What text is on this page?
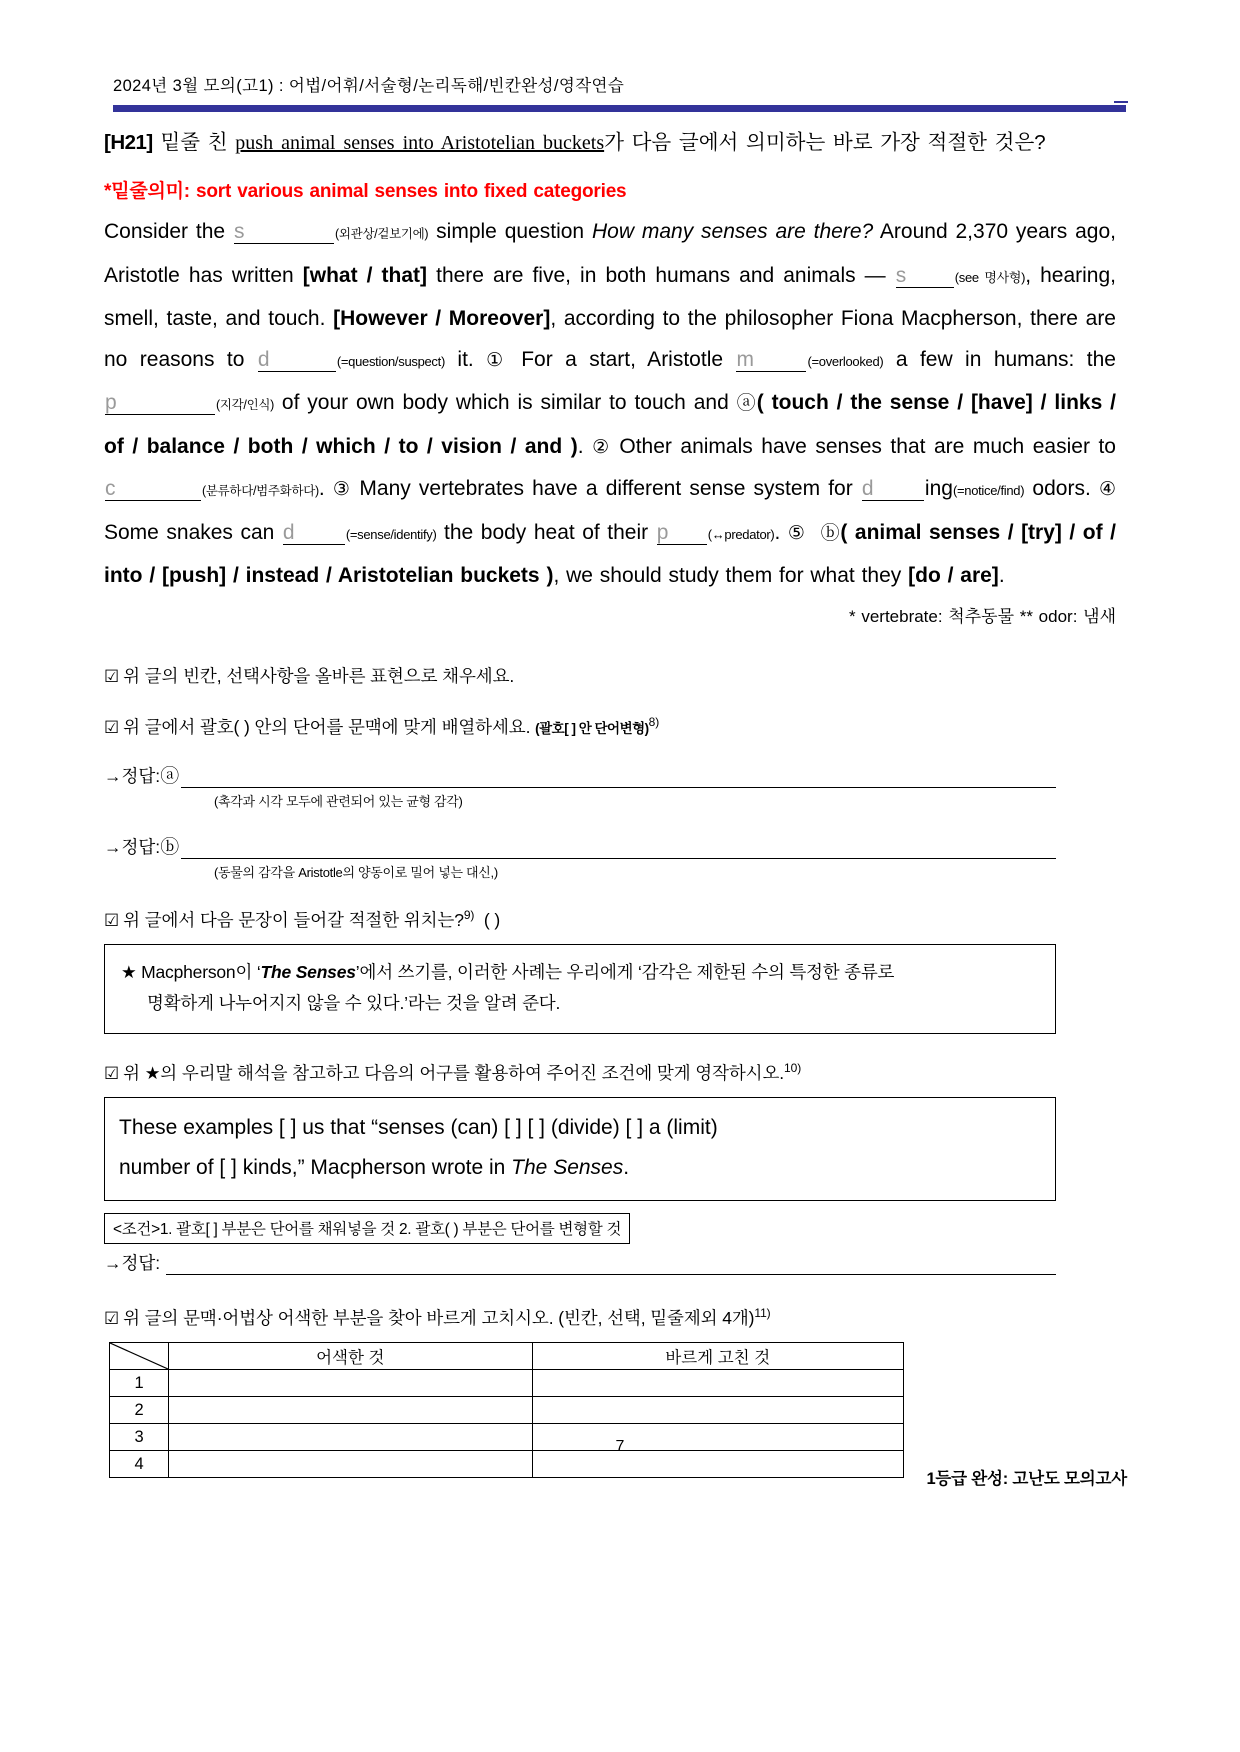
2024년 3월 모의(고1) : 어법/어휘/서술형/논리독해/빈칸완성/영작연습
[H21] 밑줄 친 push animal senses into Aristotelian buckets가 다음 글에서 의미하는 바로 가장 적절한 것은?
*밑줄의미: sort various animal senses into fixed categories
Consider the s	(외관상/겉보기에) simple question How many senses are there? Around 2,370 years ago, Aristotle has written [what / that] there are five, in both humans and animals — s	(see 명사형), hearing, smell, taste, and touch. [However / Moreover], according to the philosopher Fiona Macpherson, there are no reasons to d	(=question/suspect) it. ① For a start, Aristotle m	(=overlooked) a few in humans: the p	(지각/인식) of your own body which is similar to touch and ⓐ( touch / the sense / [have] / links / of / balance / both / which / to / vision / and ). ② Other animals have senses that are much easier to c	(분류하다/범주화하다). ③ Many vertebrates have a different sense system for d ing(=notice/find) odors. ④ Some snakes can d	(=sense/identify) the body heat of their p	(↔predator). ⑤ ⓑ( animal senses / [try] / of / into / [push] / instead / Aristotelian buckets ), we should study them for what they [do / are].
* vertebrate: 척추동물 ** odor: 냄새
☑ 위 글의 빈칸, 선택사항을 올바른 표현으로 채우세요.
☑ 위 글에서 괄호( ) 안의 단어를 문맥에 맞게 배열하세요. (괄호[ ] 안 단어변형)$^{8)}$
→정답: ⓐ
(촉각과 시각 모두에 관련되어 있는 균형 감각)
→정답: ⓑ
(동물의 감각을 Aristotle의 양동이로 밀어 넣는 대신,)
☑ 위 글에서 다음 문장이 들어갈 적절한 위치는?$^{9)}$ ( )
★ Macpherson이 ‘The Senses’에서 쓰기를, 이러한 사례는 우리에게 ‘감각은 제한된 수의 특정한 종류로
명확하게 나누어지지 않을 수 있다.’라는 것을 알려 준다.
☑ 위 ★의 우리말 해석을 참고하고 다음의 어구를 활용하여 주어진 조건에 맞게 영작하시오.$^{10)}$
These examples [ ] us that “senses (can) [ ] [ ] (divide) [ ] a (limit)
number of [ ] kinds,” Macpherson wrote in The Senses.
<조건>1. 괄호[ ] 부분은 단어를 채워넣을 것 2. 괄호( ) 부분은 단어를 변형할 것
→정답:
☑ 위 글의 문맥·어법상 어색한 부분을 찾아 바르게 고치시오. (빈칸, 선택, 밑줄제외 4개)$^{11)}$
	어색한 것	바르게 고친 것
1		
2		
3		
4		
7
1등급 완성: 고난도 모의고사
